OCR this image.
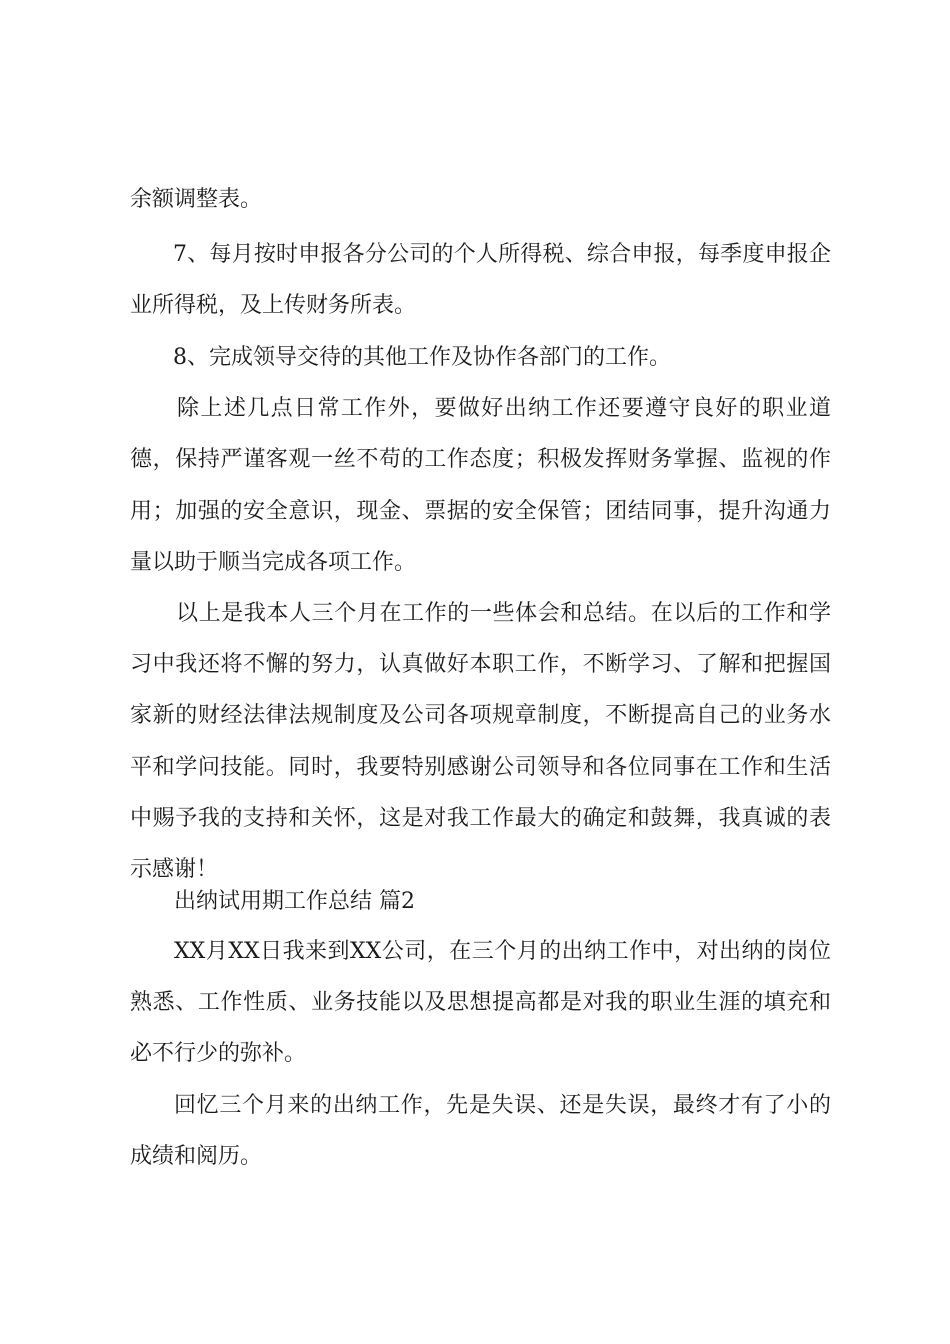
余额调整表。
7、每月按时申报各分公司的个人所得税、综合申报，每季度申报企
业所得税，及上传财务所表。
8、完成领导交待的其他工作及协作各部门的工作。
除上述几点日常工作外，要做好出纳工作还要遵守良好的职业道
德，保持严谨客观一丝不苟的工作态度；积极发挥财务掌握、监视的作
用；加强的安全意识，现金、票据的安全保管；团结同事，提升沟通力
量以助于顺当完成各项工作。
以上是我本人三个月在工作的一些体会和总结。在以后的工作和学
习中我还将不懈的努力，认真做好本职工作，不断学习、了解和把握国
家新的财经法律法规制度及公司各项规章制度，不断提高自己的业务水
平和学问技能。同时，我要特别感谢公司领导和各位同事在工作和生活
中赐予我的支持和关怀，这是对我工作最大的确定和鼓舞，我真诚的表
示感谢！
出纳试用期工作总结 篇2
XX月XX日我来到XX公司，在三个月的出纳工作中，对出纳的岗位
熟悉、工作性质、业务技能以及思想提高都是对我的职业生涯的填充和
必不行少的弥补。
回忆三个月来的出纳工作，先是失误、还是失误，最终才有了小的
成绩和阅历。
